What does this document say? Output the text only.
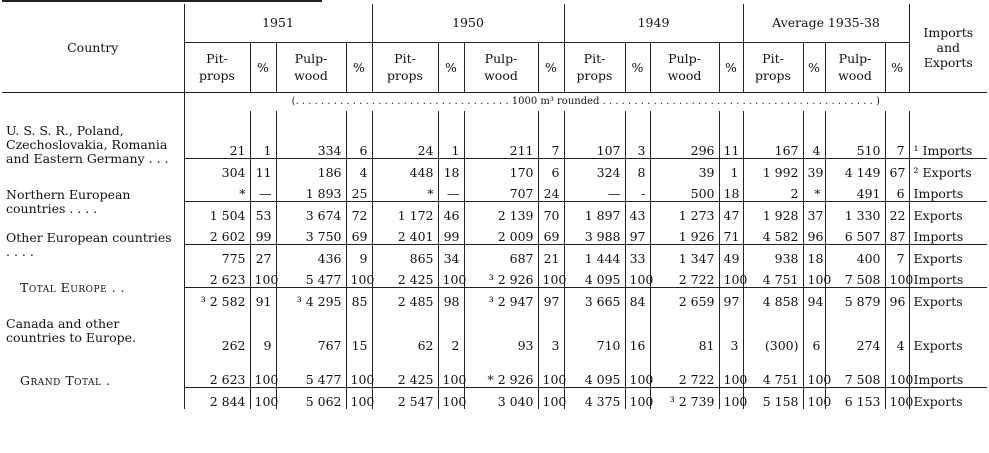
Country	1951				1950				1949				Average 1935-38				Imports and Exports
	Pit-props	%	Pulp-wood	%	Pit-props	%	Pulp-wood	%	Pit-props	%	Pulp-wood	%	Pit-props	%	Pulp-wood	%	
	(. . . . . . . . . . . . . . . . . . . . . . . . . . . . . . . . . . 1000 m³ rounded . . . . . . . . . . . . . . . . . . . . . . . . . . . . . . . . . . . . . . . . . . . )																
U. S. S. R., Poland, Czechoslovakia, Romania and Eastern Germany . . .	21	1	334	6	24	1	211	7	107	3	296	11	167	4	510	7	¹ Imports
	304	11	186	4	448	18	170	6	324	8	39	1	1 992	39	4 149	67	² Exports
Northern European countries . . . .	*	—	1 893	25	*	—	707	24	—	-	500	18	2	*	491	6	Imports
	1 504	53	3 674	72	1 172	46	2 139	70	1 897	43	1 273	47	1 928	37	1 330	22	Exports
Other European countries . . . .	2 602	99	3 750	69	2 401	99	2 009	69	3 988	97	1 926	71	4 582	96	6 507	87	Imports
	775	27	436	9	865	34	687	21	1 444	33	1 347	49	938	18	400	7	Exports
Total Europe . .	2 623	100	5 477	100	2 425	100	³ 2 926	100	4 095	100	2 722	100	4 751	100	7 508	100	Imports
	³ 2 582	91	³ 4 295	85	2 485	98	³ 2 947	97	3 665	84	2 659	97	4 858	94	5 879	96	Exports
Canada and other countries to Europe.	262	9	767	15	62	2	93	3	710	16	81	3	(300)	6	274	4	Exports
Grand Total .	2 623	100	5 477	100	2 425	100	* 2 926	100	4 095	100	2 722	100	4 751	100	7 508	100	Imports
	2 844	100	5 062	100	2 547	100	3 040	100	4 375	100	³ 2 739	100	5 158	100	6 153	100	Exports
